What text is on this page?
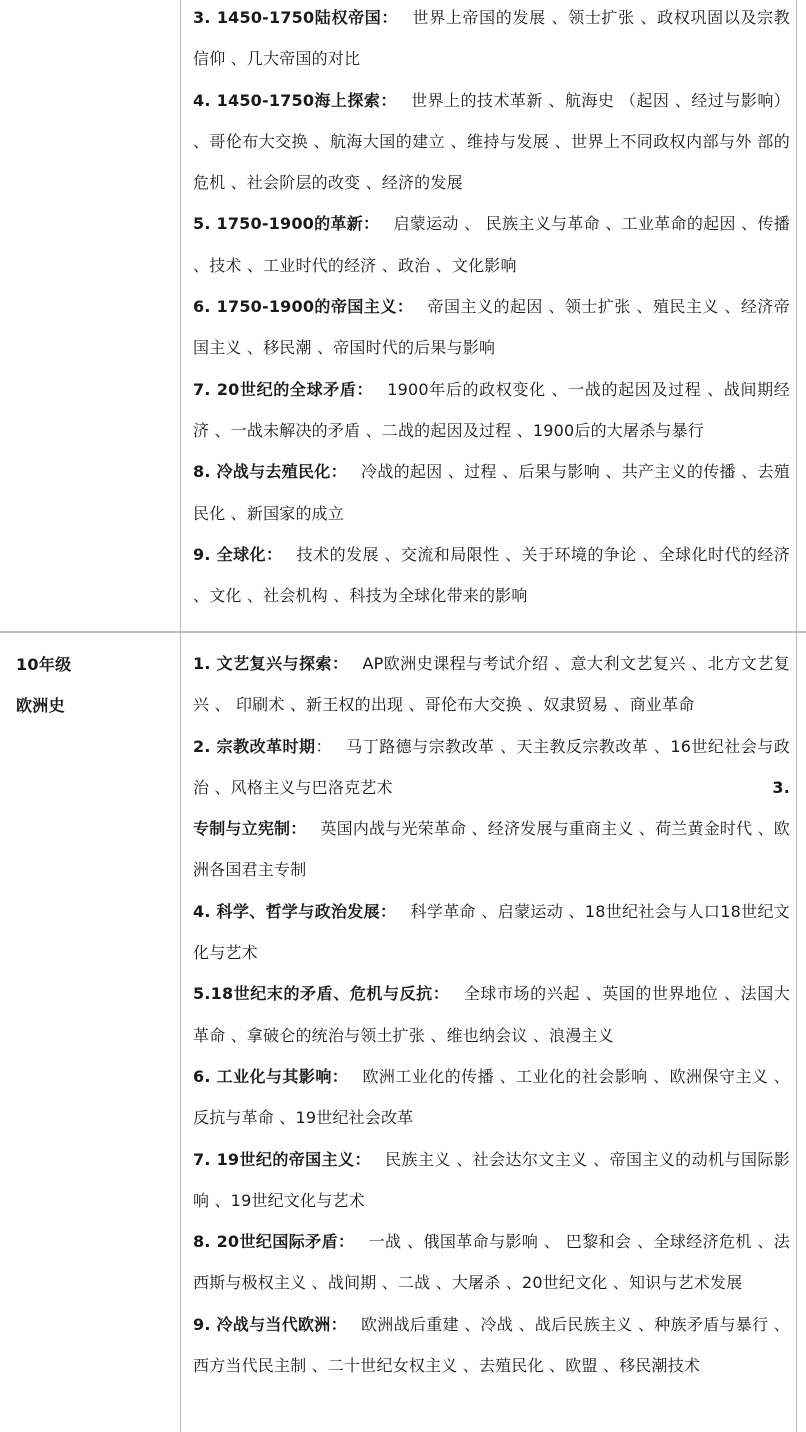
3. 1450-1750陆权帝国： 世界上帝国的发展 、领士扩张 、政权巩固以及宗教信仰 、几大帝国的对比

4. 1450-1750海上探索： 世界上的技术革新 、航海史 （起因 、经过与影响） 、哥伦布大交换 、航海大国的建立 、维持与发展 、世界上不同政权内部与外 部的危机 、社会阶层的改变 、经济的发展

5. 1750-1900的革新： 启蒙运动 、 民族主义与革命 、工业革命的起因 、传播 、技术 、工业时代的经济 、政治 、文化影响

6. 1750-1900的帝国主义： 帝国主义的起因 、领士扩张 、殖民主义 、经济帝国主义 、移民潮 、帝国时代的后果与影响

7. 20世纪的全球矛盾： 1900年后的政权变化 、一战的起因及过程 、战间期经济 、一战未解决的矛盾 、二战的起因及过程 、1900后的大屠杀与暴行

8. 冷战与去殖民化： 冷战的起因 、过程 、后果与影响 、共产主义的传播 、去殖民化 、新国家的成立

9. 全球化： 技术的发展 、交流和局限性 、关于环境的争论 、全球化时代的经济 、文化 、社会机构 、科技为全球化带来的影响

10年级
欧洲史

1. 文艺复兴与探索： AP欧洲史课程与考试介绍 、意大利文艺复兴 、北方文艺复兴 、 印刷术 、新王权的出现 、哥伦布大交换 、奴隶贸易 、商业革命

2. 宗教改革时期： 马丁路德与宗教改革 、天主教反宗教改革 、16世纪社会与政治 、风格主义与巴洛克艺术	3.

专制与立宪制： 英国内战与光荣革命 、经济发展与重商主义 、荷兰黄金时代 、欧洲各国君主专制

4. 科学、哲学与政治发展： 科学革命 、启蒙运动 、18世纪社会与人口18世纪文化与艺术

5.18世纪末的矛盾、危机与反抗： 全球市场的兴起 、英国的世界地位 、法国大革命 、拿破仑的统治与领土扩张 、维也纳会议 、浪漫主义

6. 工业化与其影响： 欧洲工业化的传播 、工业化的社会影响 、欧洲保守主义 、反抗与革命 、19世纪社会改革

7. 19世纪的帝国主义： 民族主义 、社会达尔文主义 、帝国主义的动机与国际影响 、19世纪文化与艺术

8. 20世纪国际矛盾： 一战 、俄国革命与影响 、 巴黎和会 、全球经济危机 、法西斯与极权主义 、战间期 、二战 、大屠杀 、20世纪文化 、知识与艺术发展

9. 冷战与当代欧洲： 欧洲战后重建 、冷战 、战后民族主义 、种族矛盾与暴行 、西方当代民主制 、二十世纪女权主义 、去殖民化 、欧盟 、移民潮技术
